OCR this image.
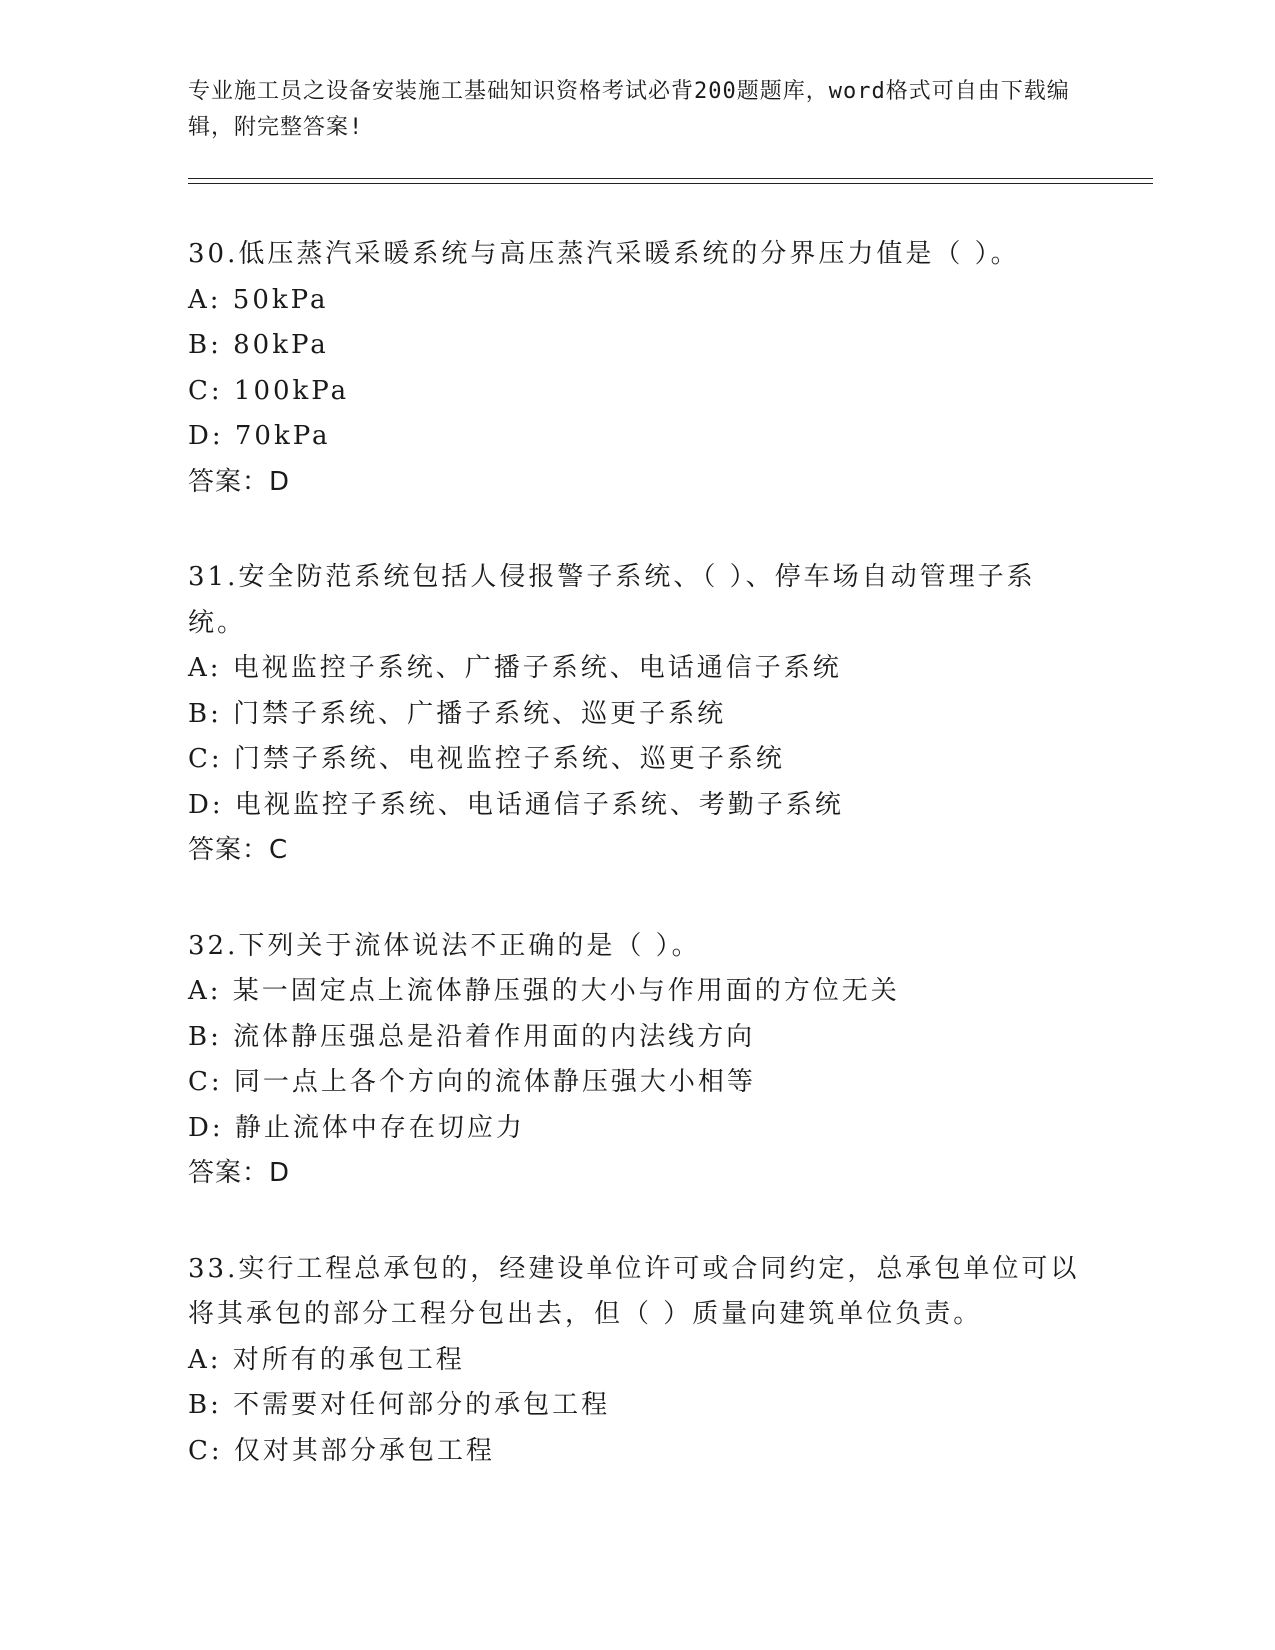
专业施工员之设备安装施工基础知识资格考试必背200题题库，word格式可自由下载编辑，附完整答案!
30.低压蒸汽采暖系统与高压蒸汽采暖系统的分界压力值是（ ）。
A: 50kPa
B: 80kPa
C: 100kPa
D: 70kPa
答案：D
31.安全防范系统包括人侵报警子系统、（ ）、停车场自动管理子系统。
A: 电视监控子系统、广播子系统、电话通信子系统
B: 门禁子系统、广播子系统、巡更子系统
C: 门禁子系统、电视监控子系统、巡更子系统
D: 电视监控子系统、电话通信子系统、考勤子系统
答案：C
32.下列关于流体说法不正确的是（ ）。
A: 某一固定点上流体静压强的大小与作用面的方位无关
B: 流体静压强总是沿着作用面的内法线方向
C: 同一点上各个方向的流体静压强大小相等
D: 静止流体中存在切应力
答案：D
33.实行工程总承包的，经建设单位许可或合同约定，总承包单位可以将其承包的部分工程分包出去，但（ ）质量向建筑单位负责。
A: 对所有的承包工程
B: 不需要对任何部分的承包工程
C: 仅对其部分承包工程
